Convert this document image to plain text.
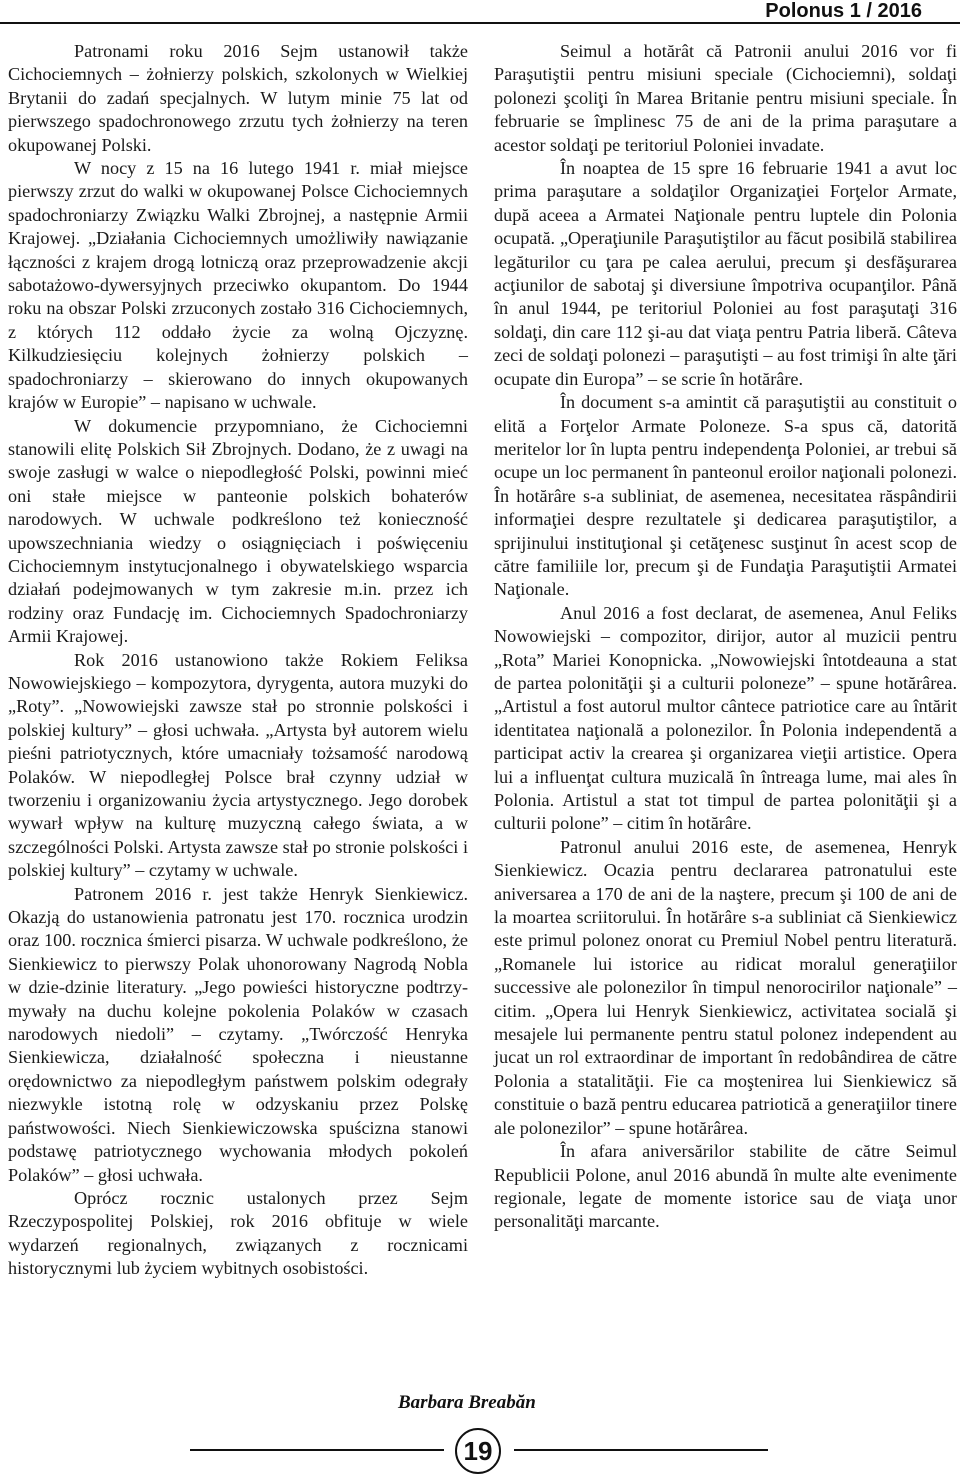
Polonus 1 / 2016

Patronami roku 2016 Sejm ustanowił także Cichociemnych – żołnierzy polskich, szkolonych w Wielkiej Brytanii do zadań specjalnych. W lutym minie 75 lat od pierwszego spadochronowego zrzutu tych żołnierzy na teren okupowanej Polski.

W nocy z 15 na 16 lutego 1941 r. miał miejsce pierwszy zrzut do walki w okupowanej Polsce Cichociemnych spadochroniarzy Związku Walki Zbrojnej, a następnie Armii Krajowej. „Działania Cichociemnych umożliwiły nawiązanie łączności z krajem drogą lotniczą oraz przeprowadzenie akcji sabotażowo-dywersyjnych przeciwko okupantom. Do 1944 roku na obszar Polski zrzuconych zostało 316 Cichociemnych, z których 112 oddało życie za wolną Ojczyznę. Kilkudziesięciu kolejnych żołnierzy polskich – spadochroniarzy – skierowano do innych okupowanych krajów w Europie” – napisano w uchwale.

W dokumencie przypomniano, że Cichociemni stanowili elitę Polskich Sił Zbrojnych. Dodano, że z uwagi na swoje zasługi w walce o niepodległość Polski, powinni mieć oni stałe miejsce w panteonie polskich bohaterów narodowych. W uchwale podkreślono też konieczność upowszechniania wiedzy o osiągnięciach i poświęceniu Cichociemnym instytucjonalnego i obywatelskiego wsparcia działań podejmowanych w tym zakresie m.in. przez ich rodziny oraz Fundację im. Cichociemnych Spadochroniarzy Armii Krajowej.

Rok 2016 ustanowiono także Rokiem Feliksa Nowowiejskiego – kompozytora, dyrygenta, autora muzyki do „Roty”. „Nowowiejski zawsze stał po stronnie polskości i polskiej kultury” – głosi uchwała. „Artysta był autorem wielu pieśni patriotycznych, które umacniały tożsamość narodową Polaków. W niepodległej Polsce brał czynny udział w tworzeniu i organizowaniu życia artystycznego. Jego dorobek wywarł wpływ na kulturę muzyczną całego świata, a w szczególności Polski. Artysta zawsze stał po stronie polskości i polskiej kultury” – czytamy w uchwale.

Patronem 2016 r. jest także Henryk Sienkiewicz. Okazją do ustanowienia patronatu jest 170. rocznica urodzin oraz 100. rocznica śmierci pisarza. W uchwale podkreślono, że Sienkiewicz to pierwszy Polak uhonorowany Nagrodą Nobla w dzie-dzinie literatury. „Jego powieści historyczne podtrzy-mywały na duchu kolejne pokolenia Polaków w czasach narodowych niedoli” – czytamy. „Twórczość Henryka Sienkiewicza, działalność społeczna i nieustanne orędownictwo za niepodległym państwem polskim odegrały niezwykle istotną rolę w odzyskaniu przez Polskę państwowości. Niech Sienkiewiczowska spuścizna stanowi podstawę patriotycznego wychowania młodych pokoleń Polaków” – głosi uchwała.

Oprócz rocznic ustalonych przez Sejm Rzeczypospolitej Polskiej, rok 2016 obfituje w wiele wydarzeń regionalnych, związanych z rocznicami historycznymi lub życiem wybitnych osobistości.

Seimul a hotărât că Patronii anului 2016 vor fi Paraşutiştii pentru misiuni speciale (Cichociemni), soldaţi polonezi şcoliţi în Marea Britanie pentru misiuni speciale. În februarie se împlinesc 75 de ani de la prima paraşutare a acestor soldaţi pe teritoriul Poloniei invadate.

În noaptea de 15 spre 16 februarie 1941 a avut loc prima paraşutare a soldaţilor Organizaţiei Forţelor Armate, după aceea a Armatei Naţionale pentru luptele din Polonia ocupată. „Operaţiunile Paraşutiştilor au făcut posibilă stabilirea legăturilor cu ţara pe calea aerului, precum şi desfăşurarea acţiunilor de sabotaj şi diversiune împotriva ocupanţilor. Până în anul 1944, pe teritoriul Poloniei au fost paraşutaţi 316 soldaţi, din care 112 şi-au dat viaţa pentru Patria liberă. Câteva zeci de soldaţi polonezi – paraşutişti – au fost trimişi în alte ţări ocupate din Europa” – se scrie în hotărâre.

În document s-a amintit că paraşutiştii au constituit o elită a Forţelor Armate Poloneze. S-a spus că, datorită meritelor lor în lupta pentru independenţa Poloniei, ar trebui să ocupe un loc permanent în panteonul eroilor naţionali polonezi. În hotărâre s-a subliniat, de asemenea, necesitatea răspândirii informaţiei despre rezultatele şi dedicarea paraşutiştilor, a sprijinului instituţional şi cetăţenesc susţinut în acest scop de către familiile lor, precum şi de Fundaţia Paraşutiştii Armatei Naţionale.

Anul 2016 a fost declarat, de asemenea, Anul Feliks Nowowiejski – compozitor, dirijor, autor al muzicii pentru „Rota” Mariei Konopnicka. „Nowowiejski întotdeauna a stat de partea polonităţii şi a culturii poloneze” – spune hotărârea. „Artistul a fost autorul multor cântece patriotice care au întărit identitatea naţională a polonezilor. În Polonia independentă a participat activ la crearea şi organizarea vieţii artistice. Opera lui a influenţat cultura muzicală în întreaga lume, mai ales în Polonia. Artistul a stat tot timpul de partea polonităţii şi a culturii polone” – citim în hotărâre.

Patronul anului 2016 este, de asemenea, Henryk Sienkiewicz. Ocazia pentru declararea patronatului este aniversarea a 170 de ani de la naştere, precum şi 100 de ani de la moartea scriitorului. În hotărâre s-a subliniat că Sienkiewicz este primul polonez onorat cu Premiul Nobel pentru literatură. „Romanele lui istorice au ridicat moralul generaţiilor successive ale polonezilor în timpul nenorocirilor naţionale” – citim. „Opera lui Henryk Sienkiewicz, activitatea socială şi mesajele lui permanente pentru statul polonez independent au jucat un rol extraordinar de important în redobândirea de către Polonia a statalităţii. Fie ca moştenirea lui Sienkiewicz să constituie o bază pentru educarea patriotică a generaţiilor tinere ale polonezilor” – spune hotărârea.

În afara aniversărilor stabilite de către Seimul Republicii Polone, anul 2016 abundă în multe alte evenimente regionale, legate de momente istorice sau de viaţa unor personalităţi marcante.

Barbara Breabăn
19
